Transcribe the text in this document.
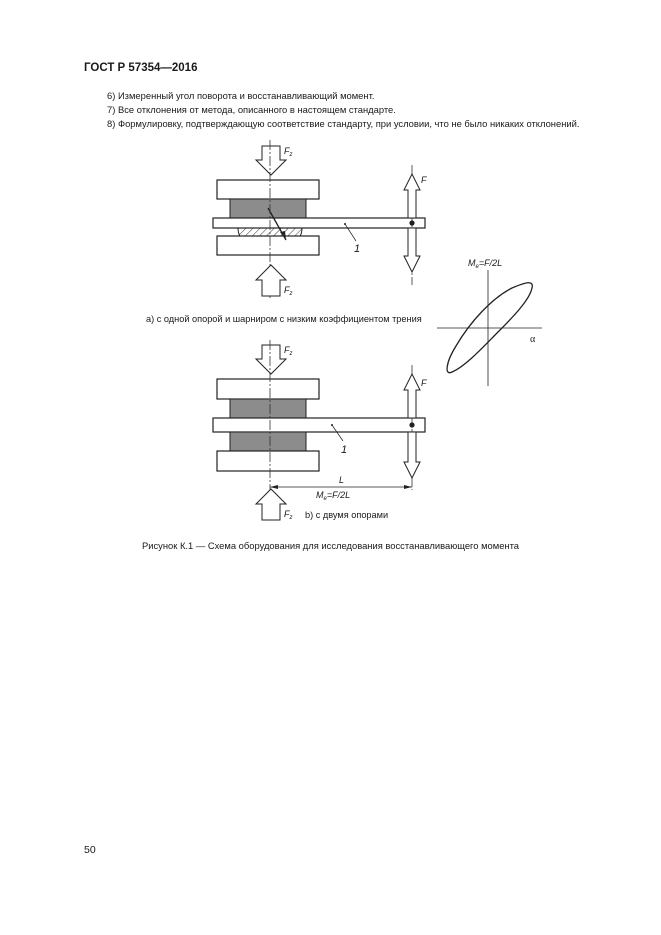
ГОСТ Р 57354—2016
6) Измеренный угол поворота и восстанавливающий момент.
7) Все отклонения от метода, описанного в настоящем стандарте.
8) Формулировку, подтверждающую соответствие стандарту, при условии, что не было никаких отклонений.
$F_z$
$F_z$
F
1
$M_e=F/2L$
α
$F_z$
$F_z$
F
1
L
$M_e=F/2L$
а) с одной опорой и шарниром с низким коэффициентом трения
b) с двумя опорами
Рисунок К.1 — Схема оборудования для исследования восстанавливающего момента
50
